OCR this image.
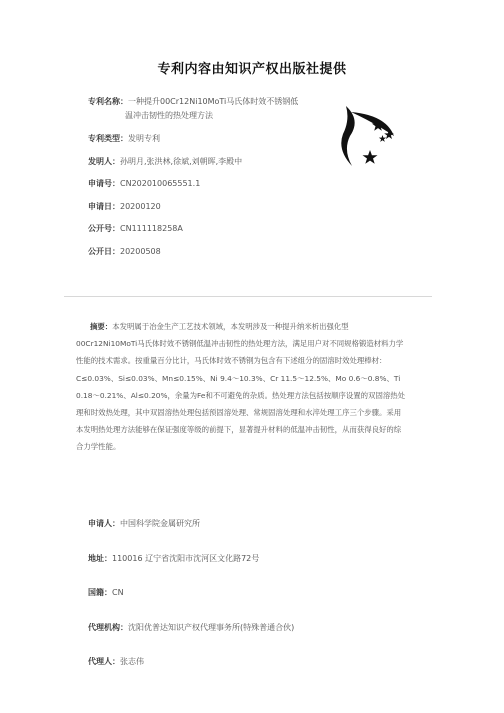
专利内容由知识产权出版社提供
专利名称：一种提升00Cr12Ni10MoTi马氏体时效不锈钢低
温冲击韧性的热处理方法
专利类型：发明专利
发明人：孙明月,张洪林,徐斌,刘朝晖,李殿中
申请号：CN202010065551.1
申请日：20200120
公开号：CN111118258A
公开日：20200508
摘要：本发明属于冶金生产工艺技术领域，本发明涉及一种提升纳米析出强化型
00Cr12Ni10MoTi马氏体时效不锈钢低温冲击韧性的热处理方法，满足用户对不同规格锻造材料力学
性能的技术需求。按重量百分比计，马氏体时效不锈钢为包含有下述组分的固溶时效处理棒材：
C≤0.03%、Si≤0.03%、Mn≤0.15%、Ni 9.4～10.3%、Cr 11.5～12.5%、Mo 0.6～0.8%、Ti
0.18～0.21%、Al≤0.20%，余量为Fe和不可避免的杂质。热处理方法包括按顺序设置的双固溶热处
理和时效热处理，其中双固溶热处理包括预固溶处理、常规固溶处理和水淬处理工序三个步骤。采用
本发明热处理方法能够在保证强度等级的前提下，显著提升材料的低温冲击韧性，从而获得良好的综
合力学性能。
申请人：中国科学院金属研究所
地址：110016 辽宁省沈阳市沈河区文化路72号
国籍：CN
代理机构：沈阳优普达知识产权代理事务所(特殊普通合伙)
代理人：张志伟
